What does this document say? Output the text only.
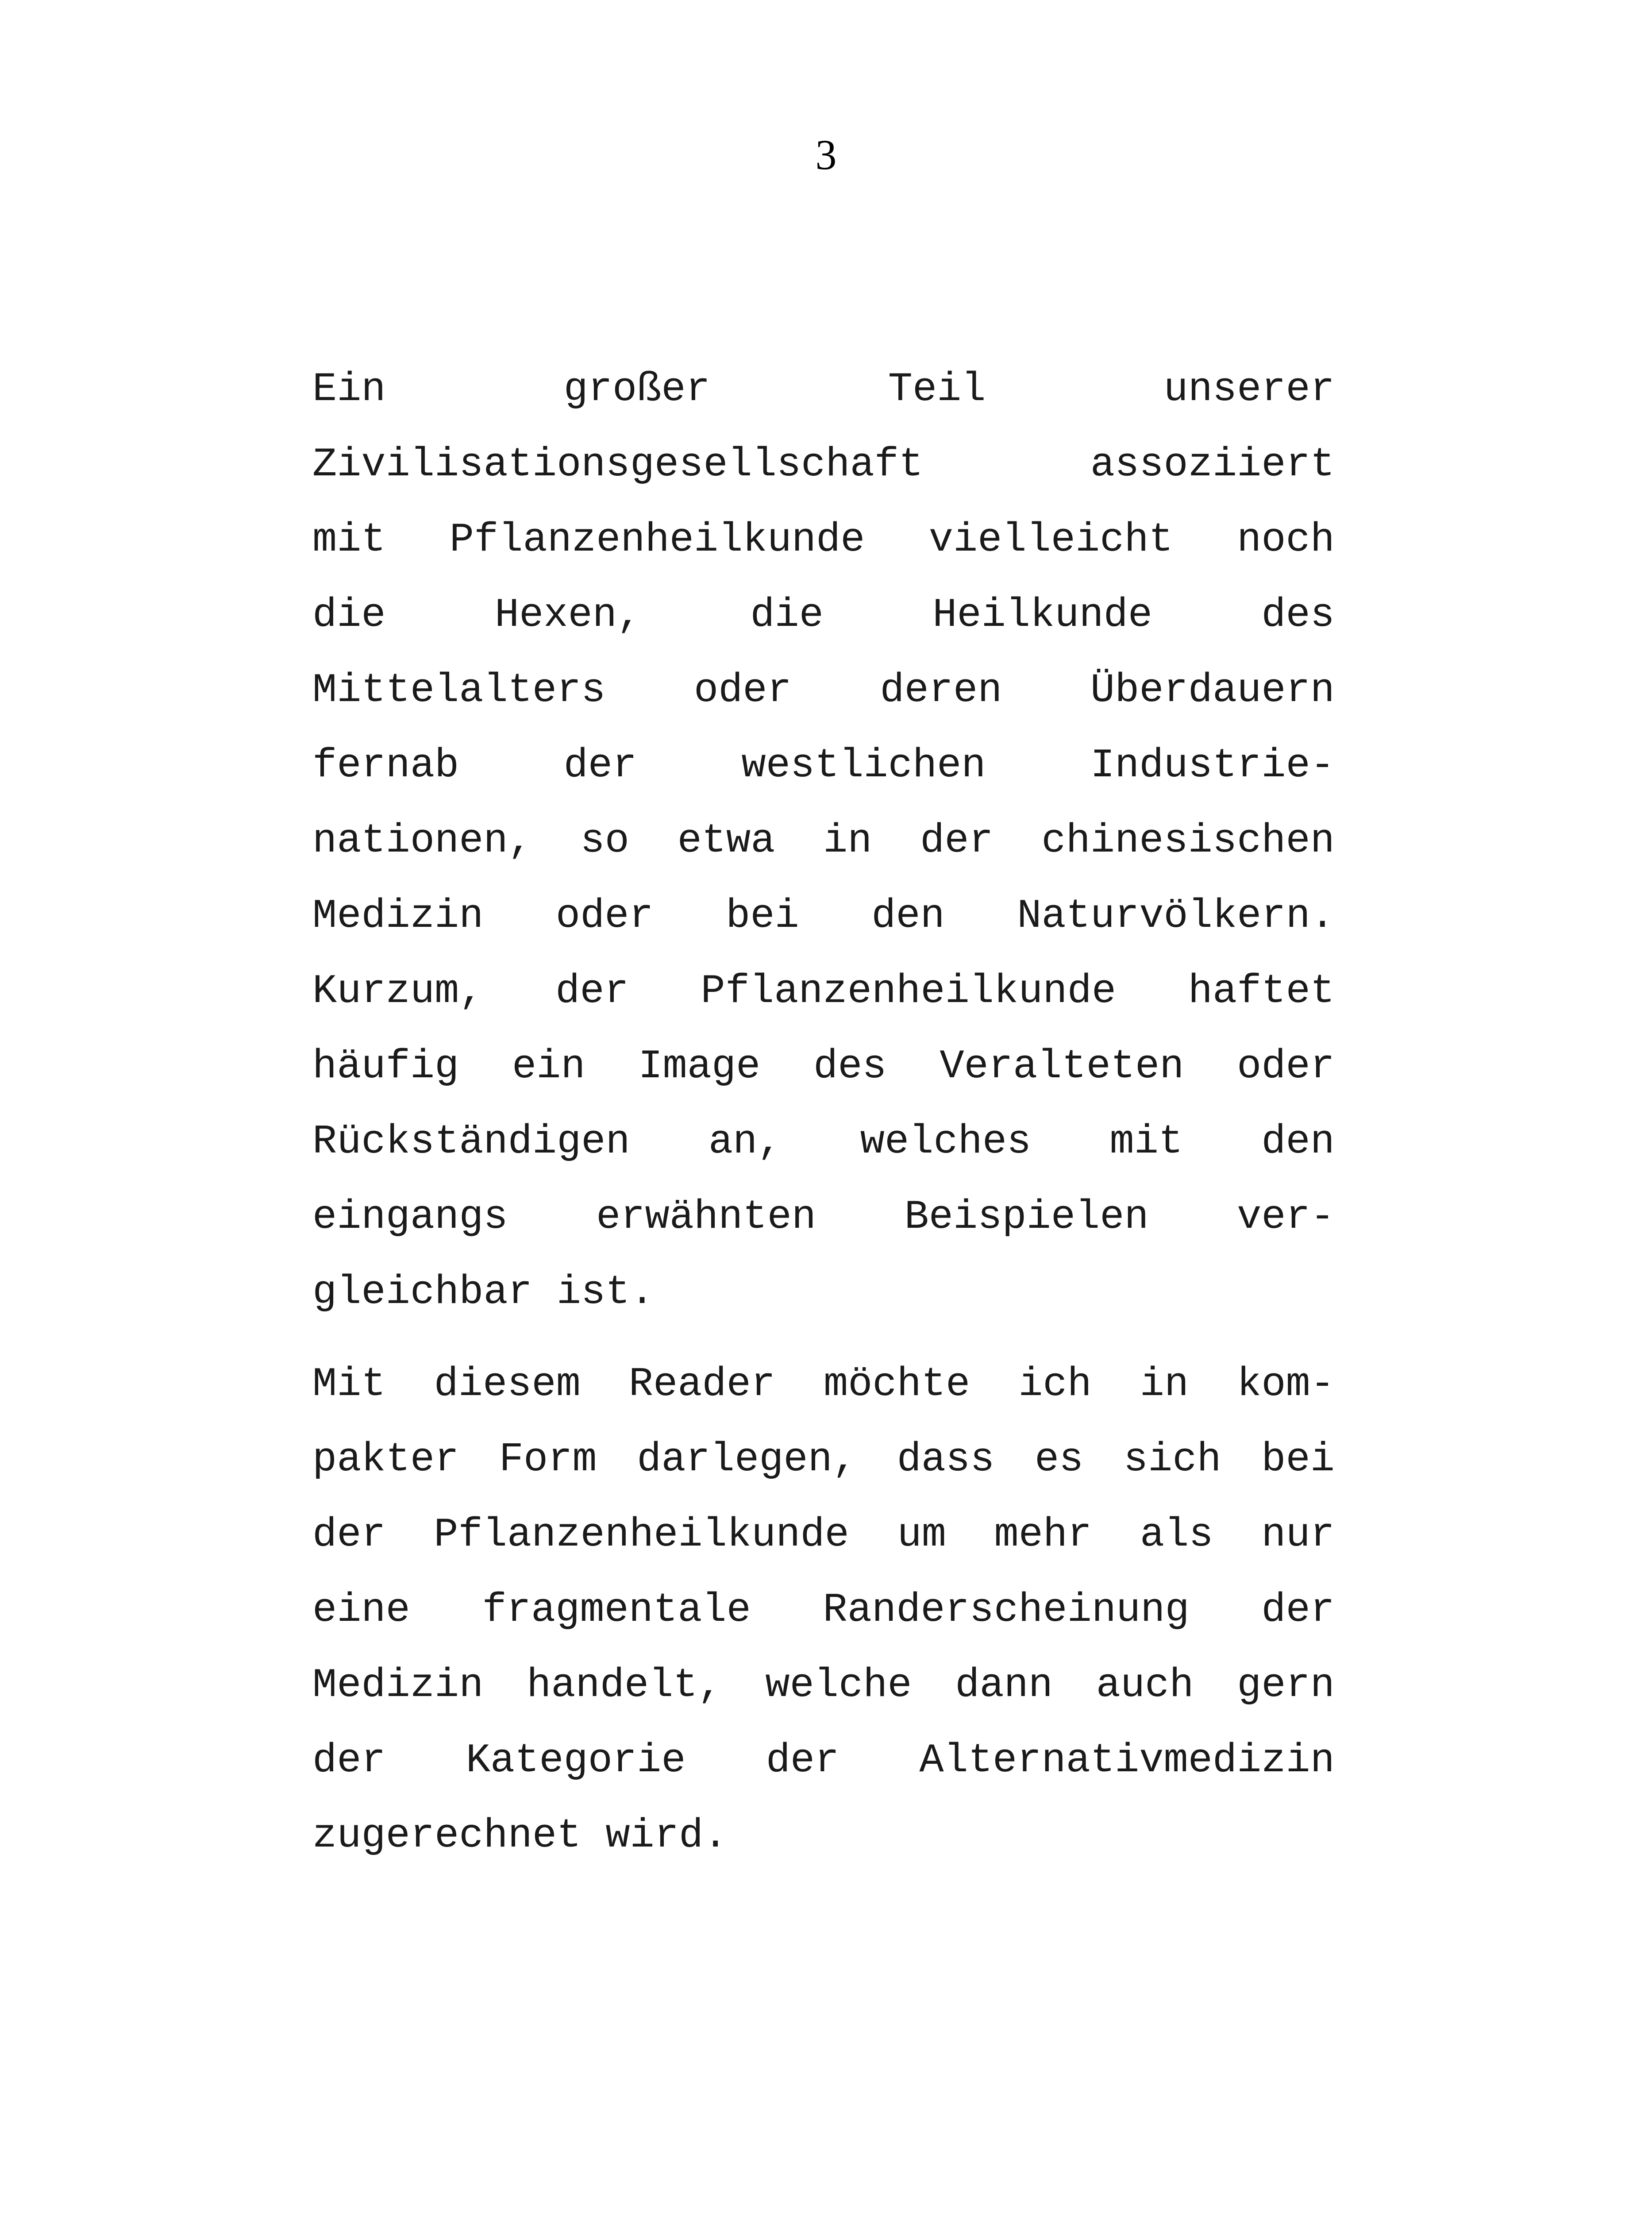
3
Ein	großer	Teil	unserer
Zivilisationsgesellschaft	assoziiert
mit Pflanzenheilkunde vielleicht noch
die	Hexen,	die	Heilkunde	des
Mittelalters oder deren Überdauern
fernab	der	westlichen	Industrie-
nationen, so etwa in der chinesischen
Medizin oder bei den Naturvölkern.
Kurzum, der Pflanzenheilkunde haftet
häufig ein Image des Veralteten oder
Rückständigen an, welches mit den
eingangs erwähnten Beispielen ver-
gleichbar ist.
Mit diesem Reader möchte ich in kom-
pakter Form darlegen, dass es sich bei
der Pflanzenheilkunde um mehr als nur
eine fragmentale Randerscheinung der
Medizin handelt, welche dann auch gern
der Kategorie der Alternativmedizin
zugerechnet wird.
